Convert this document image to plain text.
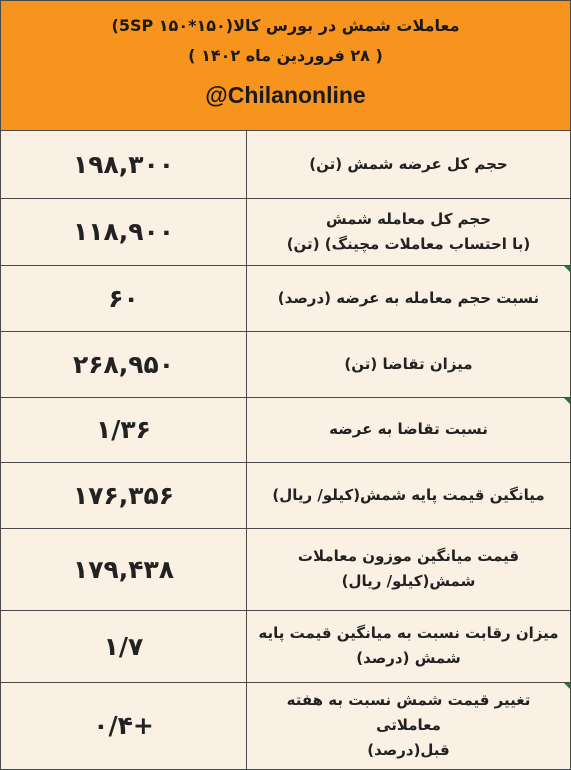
معاملات شمش در بورس کالا(۱۵۰*۱۵۰ 5SP)
( ۲۸ فروردین ماه ۱۴۰۲ )
@Chilanonline
۱۹۸,۳۰۰	حجم کل عرضه شمش (تن)

۱۱۸,۹۰۰	حجم کل معامله شمش
(با احتساب معاملات مچینگ) (تن)

۶۰	نسبت حجم معامله به عرضه (درصد)

۲۶۸,۹۵۰	میزان تقاضا (تن)

۱/۳۶	نسبت تقاضا به عرضه

۱۷۶,۳۵۶	میانگین قیمت پایه شمش(کیلو/ ریال)

۱۷۹,۴۳۸	قیمت میانگین موزون معاملات
شمش(کیلو/ ریال)

۱/۷	میزان رقابت نسبت به میانگین قیمت پایه
شمش (درصد)

+۰/۴	تغییر قیمت شمش نسبت به هفته معاملاتی
قبل(درصد)
